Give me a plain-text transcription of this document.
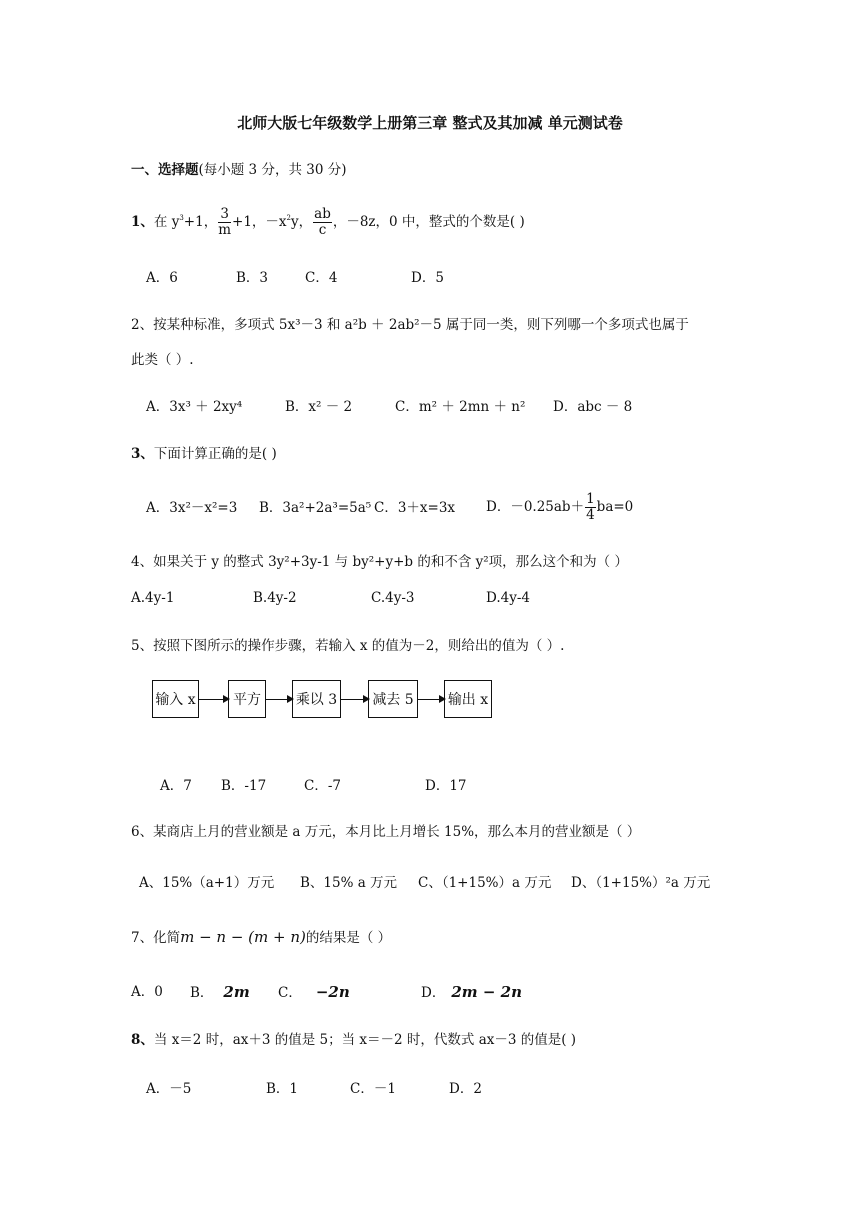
北师大版七年级数学上册第三章 整式及其加减 单元测试卷
一、选择题(每小题 3 分，共 30 分)
1、在 $y^3+1$， $\frac{3}{m} +1$，$-x^2y$， $\frac{ab}{c}$ ，－8z，0 中，整式的个数是( )
A．6	B．3	C．4	D．5
2、按某种标准，多项式 5x³－3 和 a²b ＋ 2ab²－5 属于同一类，则下列哪一个多项式也属于
此类（ ）.
A．3x³ ＋ 2xy⁴	B．x² － 2	C．m² ＋ 2mn ＋ n² D．abc － 8
3、下面计算正确的是( )
A．3x²－x²=3 B．3a²+2a³=5a⁵ C．3＋x=3x D．$-0.25ab+ \frac{1}{4} ba=0$
4、如果关于 y 的整式 3y²+3y-1 与 by²+y+b 的和不含 y²项，那么这个和为（ ）
A.4y-1	B.4y-2	C.4y-3	D.4y-4
5、按照下图所示的操作步骤，若输入 x 的值为－2，则给出的值为（ ）.
输入 x	平方	乘以 3	减去 5	输出 x
A．7 B．-17	C．-7	D．17
6、某商店上月的营业额是 a 万元，本月比上月增长 15%，那么本月的营业额是（ ）
A、15%（a+1）万元 B、15% a 万元 C、（1+15%）a 万元 D、（1+15%）²a 万元
7、化简m − n − (m + n)的结果是（ ）
A．0 B． 2m C． −2n	D． 2m − 2n
8、当 x＝2 时，ax＋3 的值是 5；当 x＝－2 时，代数式 ax－3 的值是( )
A．－5	B．1	C．－1	D．2
